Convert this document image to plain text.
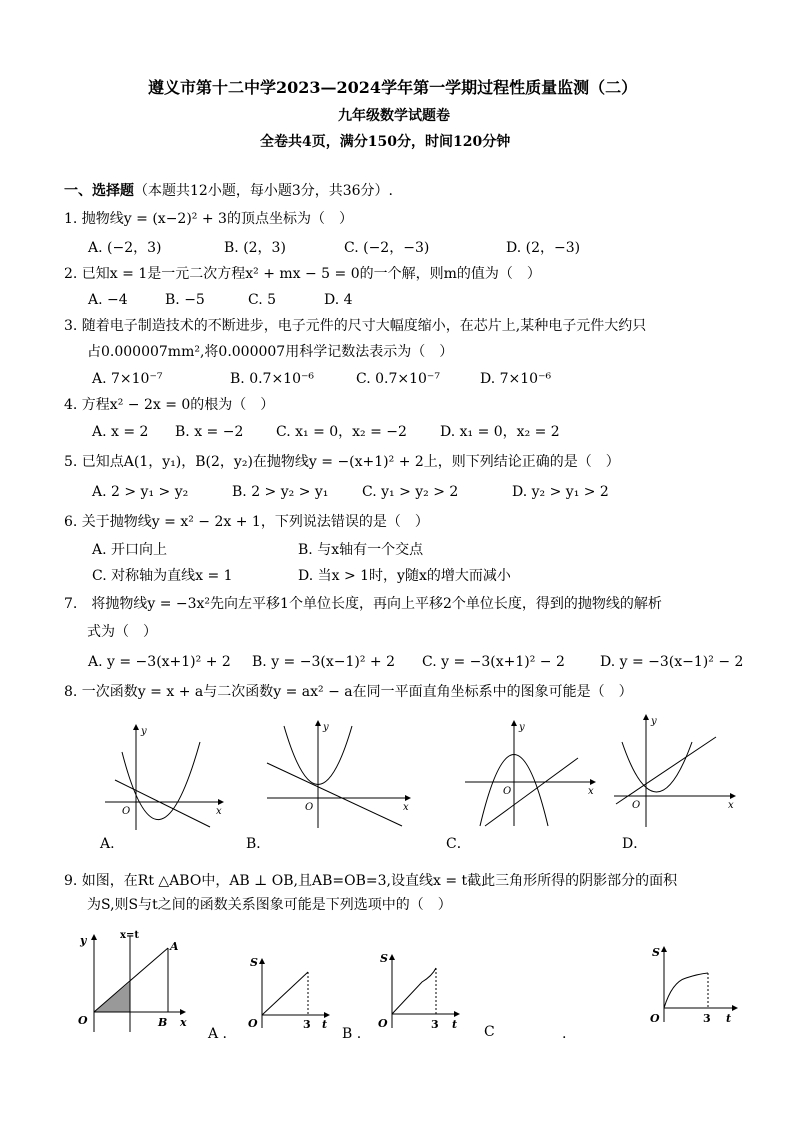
遵义市第十二中学2023—2024学年第一学期过程性质量监测（二）
九年级数学试题卷
全卷共4页，满分150分，时间120分钟
一、选择题（本题共12小题，每小题3分，共36分）.
1. 抛物线y = (x−2)² + 3的顶点坐标为（　）
A. (−2，3)	B. (2，3)	C. (−2，−3)	D. (2，−3)
2. 已知x = 1是一元二次方程x² + mx − 5 = 0的一个解，则m的值为（　）
A. −4	B. −5	C. 5	D. 4
3. 随着电子制造技术的不断进步，电子元件的尺寸大幅度缩小，在芯片上,某种电子元件大约只
占0.000007mm²,将0.000007用科学记数法表示为（　）
A. 7×10⁻⁷	B. 0.7×10⁻⁶	C. 0.7×10⁻⁷	D. 7×10⁻⁶
4. 方程x² − 2x = 0的根为（　）
A. x = 2 B. x = −2 C. x₁ = 0，x₂ = −2 D. x₁ = 0，x₂ = 2
5. 已知点A(1，y₁)，B(2，y₂)在抛物线y = −(x+1)² + 2上，则下列结论正确的是（　）
A. 2 > y₁ > y₂	B. 2 > y₂ > y₁ C. y₁ > y₂ > 2	D. y₂ > y₁ > 2
6. 关于抛物线y = x² − 2x + 1，下列说法错误的是（　）
A. 开口向上	B. 与x轴有一个交点
C. 对称轴为直线x = 1	D. 当x > 1时，y随x的增大而减小
7.　将抛物线y = −3x²先向左平移1个单位长度，再向上平移2个单位长度，得到的抛物线的解析
式为（　）
A. y = −3(x+1)² + 2 B. y = −3(x−1)² + 2 C. y = −3(x+1)² − 2	D. y = −3(x−1)² − 2
8. 一次函数y = x + a与二次函数y = ax² − a在同一平面直角坐标系中的图象可能是（　）
O	x
y
A.
O	x
y
B．
O	x
y
C．
O	x
y
D．
9. 如图，在Rt △ABO中，AB ⊥ OB,且AB=OB=3,设直线x = t截此三角形所得的阴影部分的面积
为S,则S与t之间的函数关系图象可能是下列选项中的（　）
y	x=t
A
O	B x
A .
S
O	3 t
B .
S
O	3 t C	.
S
O	3 t
